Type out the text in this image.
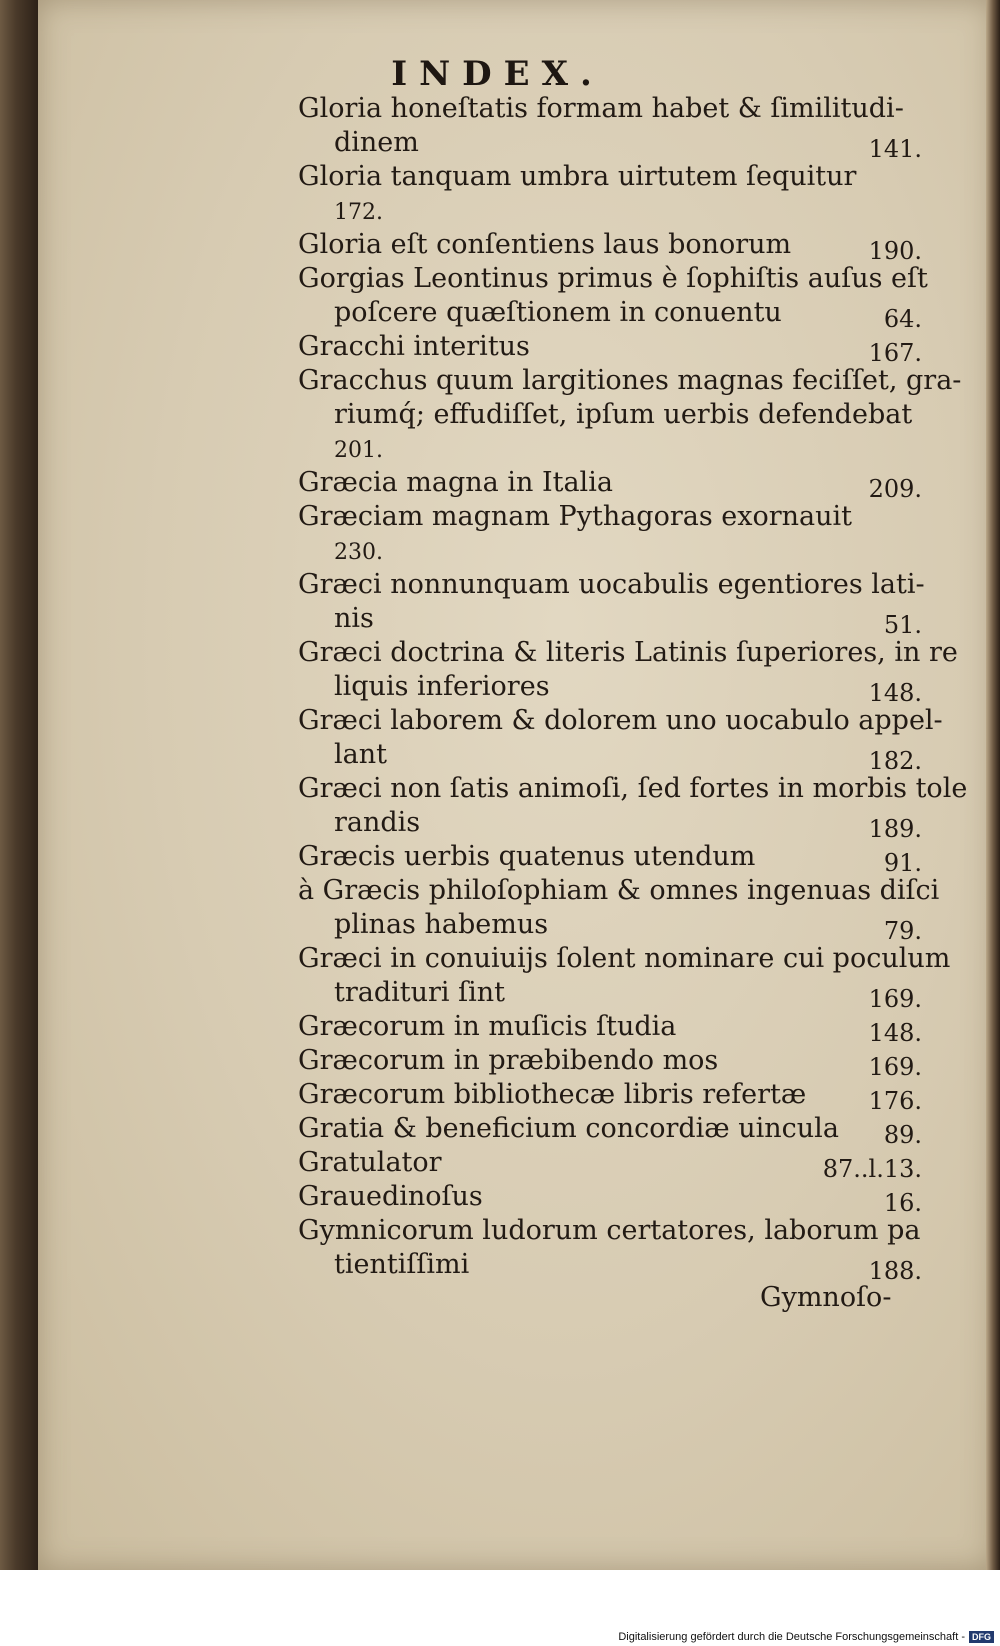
INDEX.
Gloria honeſtatis formam habet & ſimilitudi-
dinem	141.
Gloria tanquam umbra uirtutem ſequitur
172.
Gloria eſt conſentiens laus bonorum	190.
Gorgias Leontinus primus è ſophiſtis auſus eſt
poſcere quæſtionem in conuentu	64.
Gracchi interitus	167.
Gracchus quum largitiones magnas feciſſet, gra-
riumq́; effudiſſet, ipſum uerbis defendebat
201.
Græcia magna in Italia	209.
Græciam magnam Pythagoras exornauit
230.
Græci nonnunquam uocabulis egentiores lati-
nis	51.
Græci doctrina & literis Latinis ſuperiores, in re
liquis inferiores	148.
Græci laborem & dolorem uno uocabulo appel-
lant	182.
Græci non ſatis animoſi, ſed fortes in morbis tole
randis	189.
Græcis uerbis quatenus utendum	91.
à Græcis philoſophiam & omnes ingenuas diſci
plinas habemus	79.
Græci in conuiuijs ſolent nominare cui poculum
tradituri ſint	169.
Græcorum in muſicis ſtudia	148.
Græcorum in præbibendo mos	169.
Græcorum bibliothecæ libris refertæ	176.
Gratia & beneficium concordiæ uincula 89.
Gratulator	87..l.13.
Grauedinoſus	16.
Gymnicorum ludorum certatores, laborum pa
tientiſſimi	188.
Gymnoſo-
Digitalisierung gefördert durch die Deutsche Forschungsgemeinschaft - DFG
